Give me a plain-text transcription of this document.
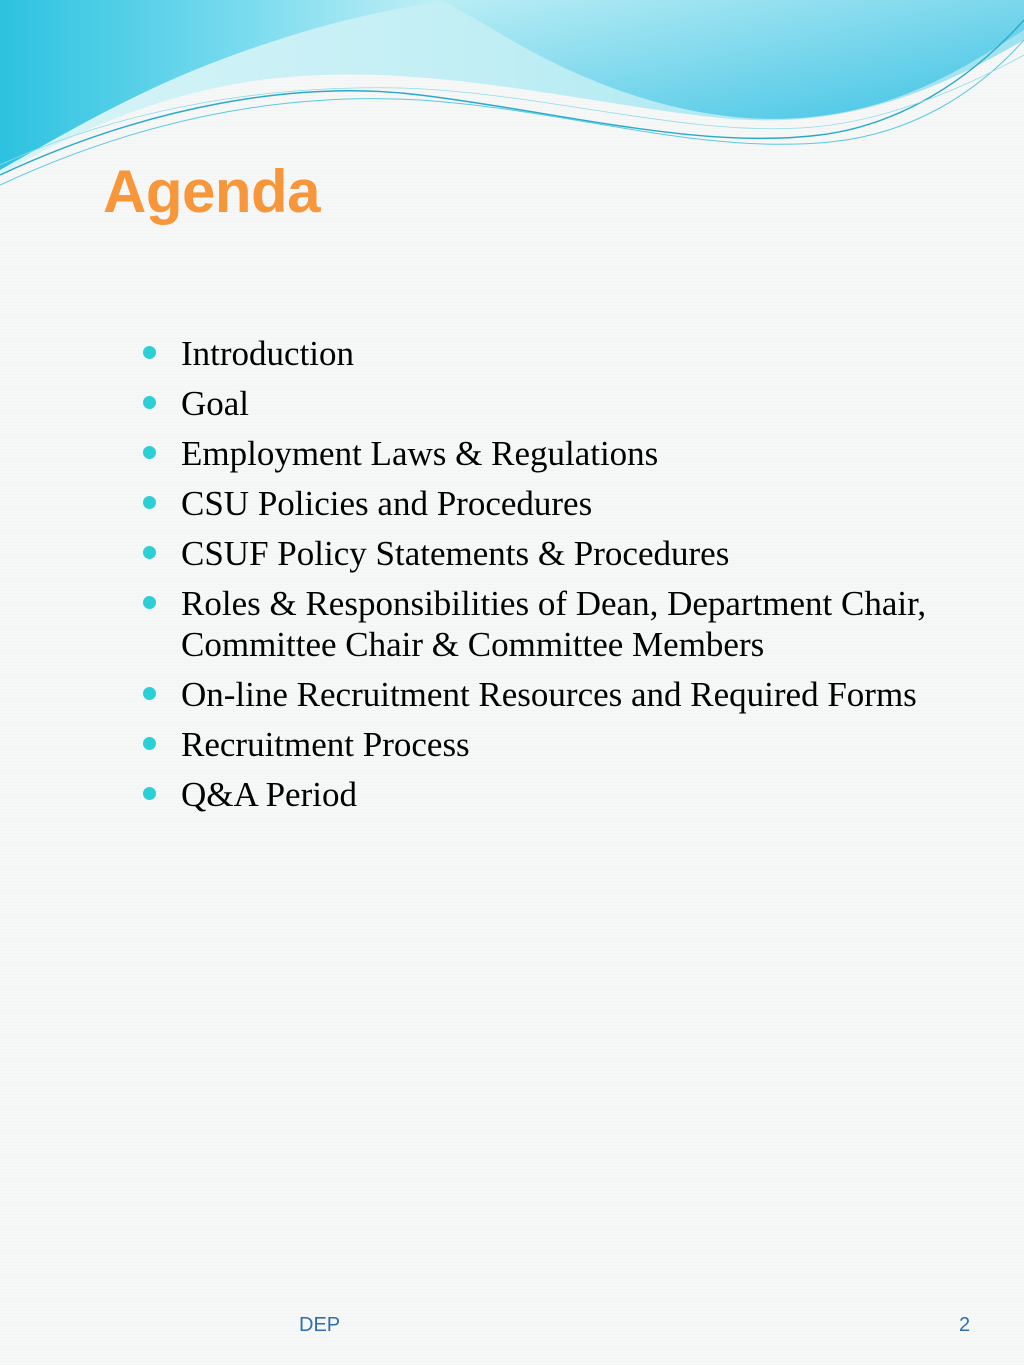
Agenda
Introduction
Goal
Employment Laws & Regulations
CSU Policies and Procedures
CSUF Policy Statements & Procedures
Roles & Responsibilities of Dean, Department Chair, Committee Chair & Committee Members
On-line Recruitment Resources and Required Forms
Recruitment Process
Q&A Period
DEP	2
